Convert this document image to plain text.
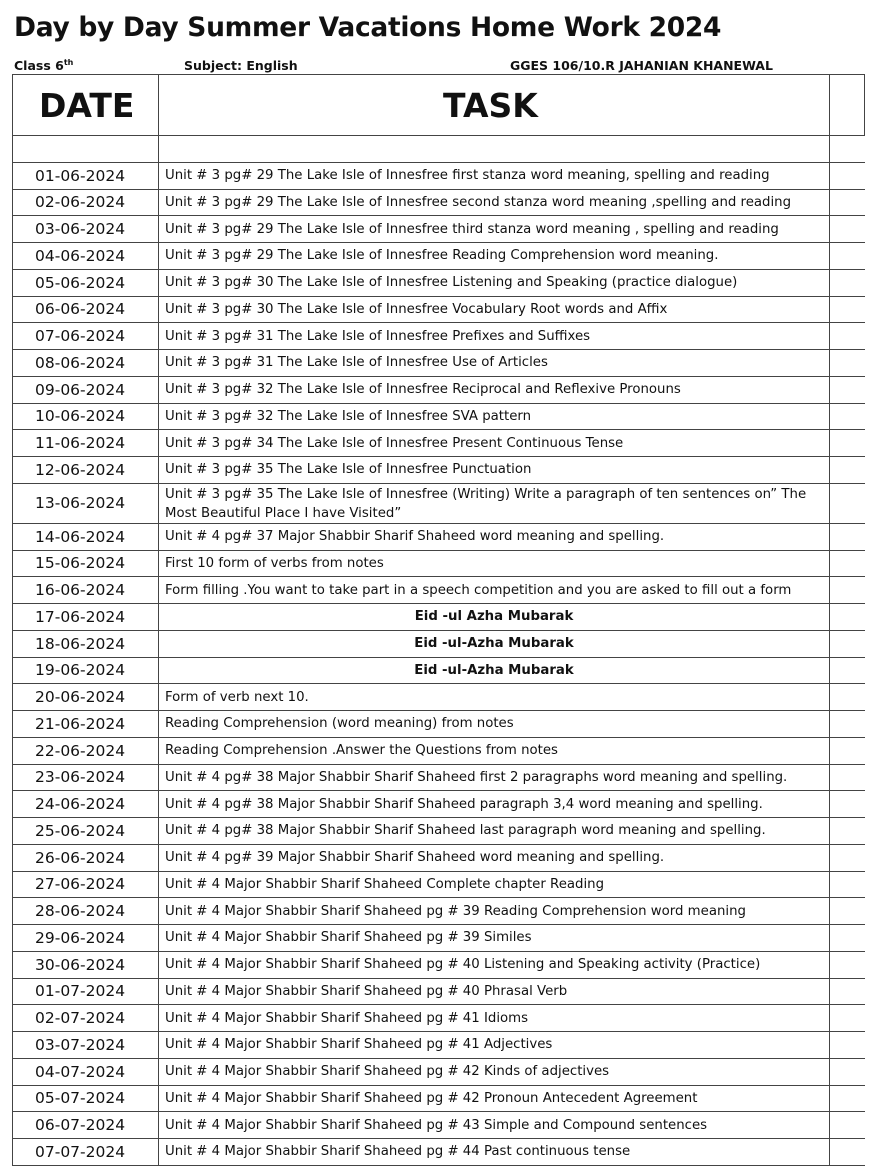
Day by Day Summer Vacations Home Work 2024
Class 6th	Subject: English	GGES 106/10.R JAHANIAN KHANEWAL
DATE	TASK	

01-06-2024	Unit # 3 pg# 29 The Lake Isle of Innesfree first stanza word meaning, spelling and reading	
02-06-2024	Unit # 3 pg# 29 The Lake Isle of Innesfree second stanza word meaning ,spelling and reading	
03-06-2024	Unit # 3 pg# 29 The Lake Isle of Innesfree third stanza word meaning , spelling and reading	
04-06-2024	Unit # 3 pg# 29 The Lake Isle of Innesfree Reading Comprehension word meaning.	
05-06-2024	Unit # 3 pg# 30 The Lake Isle of Innesfree Listening and Speaking (practice dialogue)	
06-06-2024	Unit # 3 pg# 30 The Lake Isle of Innesfree Vocabulary Root words and Affix	
07-06-2024	Unit # 3 pg# 31 The Lake Isle of Innesfree Prefixes and Suffixes	
08-06-2024	Unit # 3 pg# 31 The Lake Isle of Innesfree Use of Articles	
09-06-2024	Unit # 3 pg# 32 The Lake Isle of Innesfree Reciprocal and Reflexive Pronouns	
10-06-2024	Unit # 3 pg# 32 The Lake Isle of Innesfree SVA pattern	
11-06-2024	Unit # 3 pg# 34 The Lake Isle of Innesfree Present Continuous Tense	
12-06-2024	Unit # 3 pg# 35 The Lake Isle of Innesfree Punctuation	
13-06-2024	Unit # 3 pg# 35 The Lake Isle of Innesfree (Writing) Write a paragraph of ten sentences on” The Most Beautiful Place I have Visited”	
14-06-2024	Unit # 4 pg# 37 Major Shabbir Sharif Shaheed word meaning and spelling.	
15-06-2024	First 10 form of verbs from notes	
16-06-2024	Form filling .You want to take part in a speech competition and you are asked to fill out a form	
17-06-2024	Eid -ul Azha Mubarak	
18-06-2024	Eid -ul-Azha Mubarak	
19-06-2024	Eid -ul-Azha Mubarak	
20-06-2024	Form of verb next 10.	
21-06-2024	Reading Comprehension (word meaning) from notes	
22-06-2024	Reading Comprehension .Answer the Questions from notes	
23-06-2024	Unit # 4 pg# 38 Major Shabbir Sharif Shaheed first 2 paragraphs word meaning and spelling.	
24-06-2024	Unit # 4 pg# 38 Major Shabbir Sharif Shaheed paragraph 3,4 word meaning and spelling.	
25-06-2024	Unit # 4 pg# 38 Major Shabbir Sharif Shaheed last paragraph word meaning and spelling.	
26-06-2024	Unit # 4 pg# 39 Major Shabbir Sharif Shaheed word meaning and spelling.	
27-06-2024	Unit # 4 Major Shabbir Sharif Shaheed Complete chapter Reading	
28-06-2024	Unit # 4 Major Shabbir Sharif Shaheed pg # 39 Reading Comprehension word meaning	
29-06-2024	Unit # 4 Major Shabbir Sharif Shaheed pg # 39 Similes	
30-06-2024	Unit # 4 Major Shabbir Sharif Shaheed pg # 40 Listening and Speaking activity (Practice)	
01-07-2024	Unit # 4 Major Shabbir Sharif Shaheed pg # 40 Phrasal Verb	
02-07-2024	Unit # 4 Major Shabbir Sharif Shaheed pg # 41 Idioms	
03-07-2024	Unit # 4 Major Shabbir Sharif Shaheed pg # 41 Adjectives	
04-07-2024	Unit # 4 Major Shabbir Sharif Shaheed pg # 42 Kinds of adjectives	
05-07-2024	Unit # 4 Major Shabbir Sharif Shaheed pg # 42 Pronoun Antecedent Agreement	
06-07-2024	Unit # 4 Major Shabbir Sharif Shaheed pg # 43 Simple and Compound sentences	
07-07-2024	Unit # 4 Major Shabbir Sharif Shaheed pg # 44 Past continuous tense	
